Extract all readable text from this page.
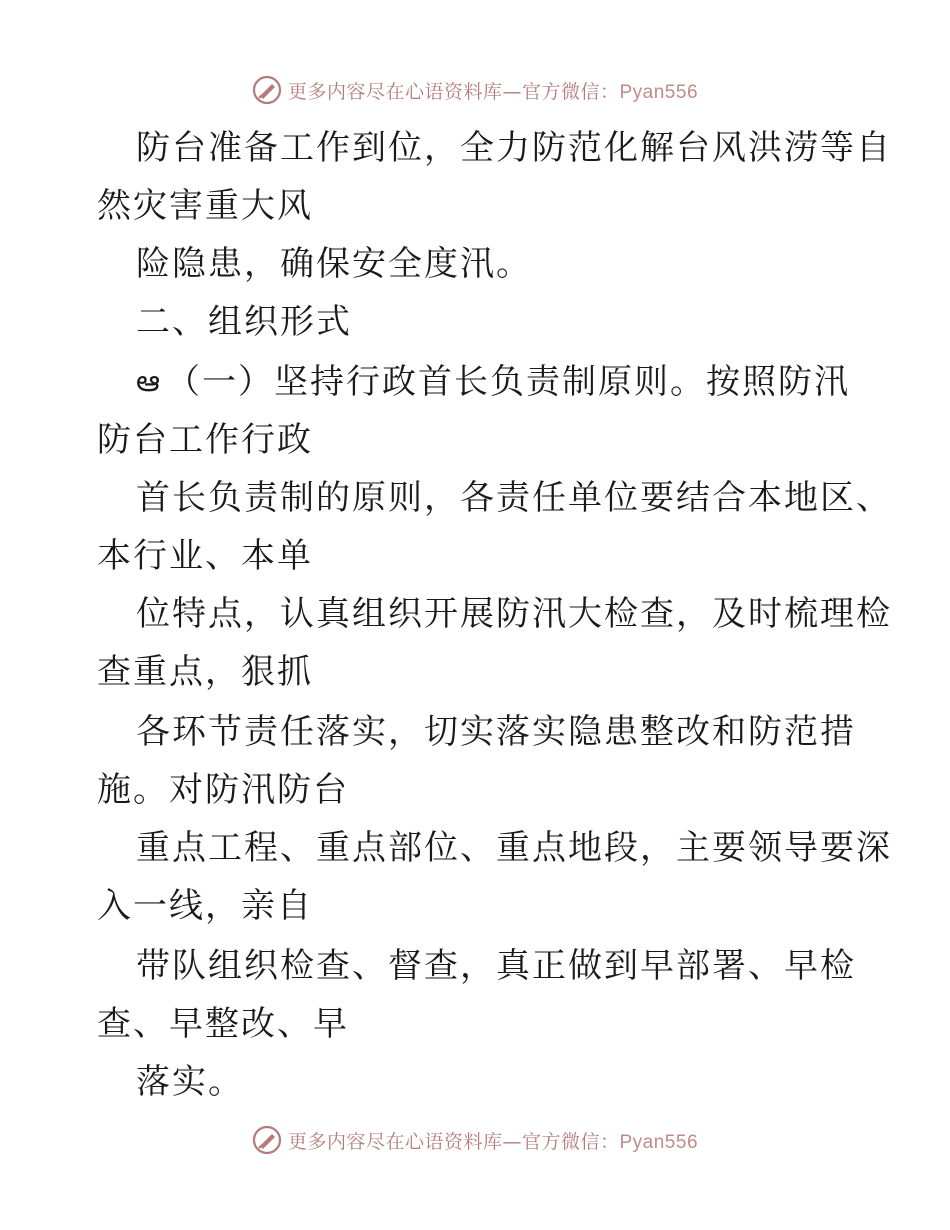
更多内容尽在心语资料库—官方微信：Pyan556
防台准备工作到位，全力防范化解台风洪涝等自
然灾害重大风
险隐患，确保安全度汛。
二、组织形式
ఆ （一）坚持行政首长负责制原则。按照防汛
防台工作行政
首长负责制的原则，各责任单位要结合本地区、
本行业、本单
位特点，认真组织开展防汛大检查，及时梳理检
查重点，狠抓
各环节责任落实，切实落实隐患整改和防范措
施。对防汛防台
重点工程、重点部位、重点地段，主要领导要深
入一线，亲自
带队组织检查、督查，真正做到早部署、早检
查、早整改、早
落实。
更多内容尽在心语资料库—官方微信：Pyan556
